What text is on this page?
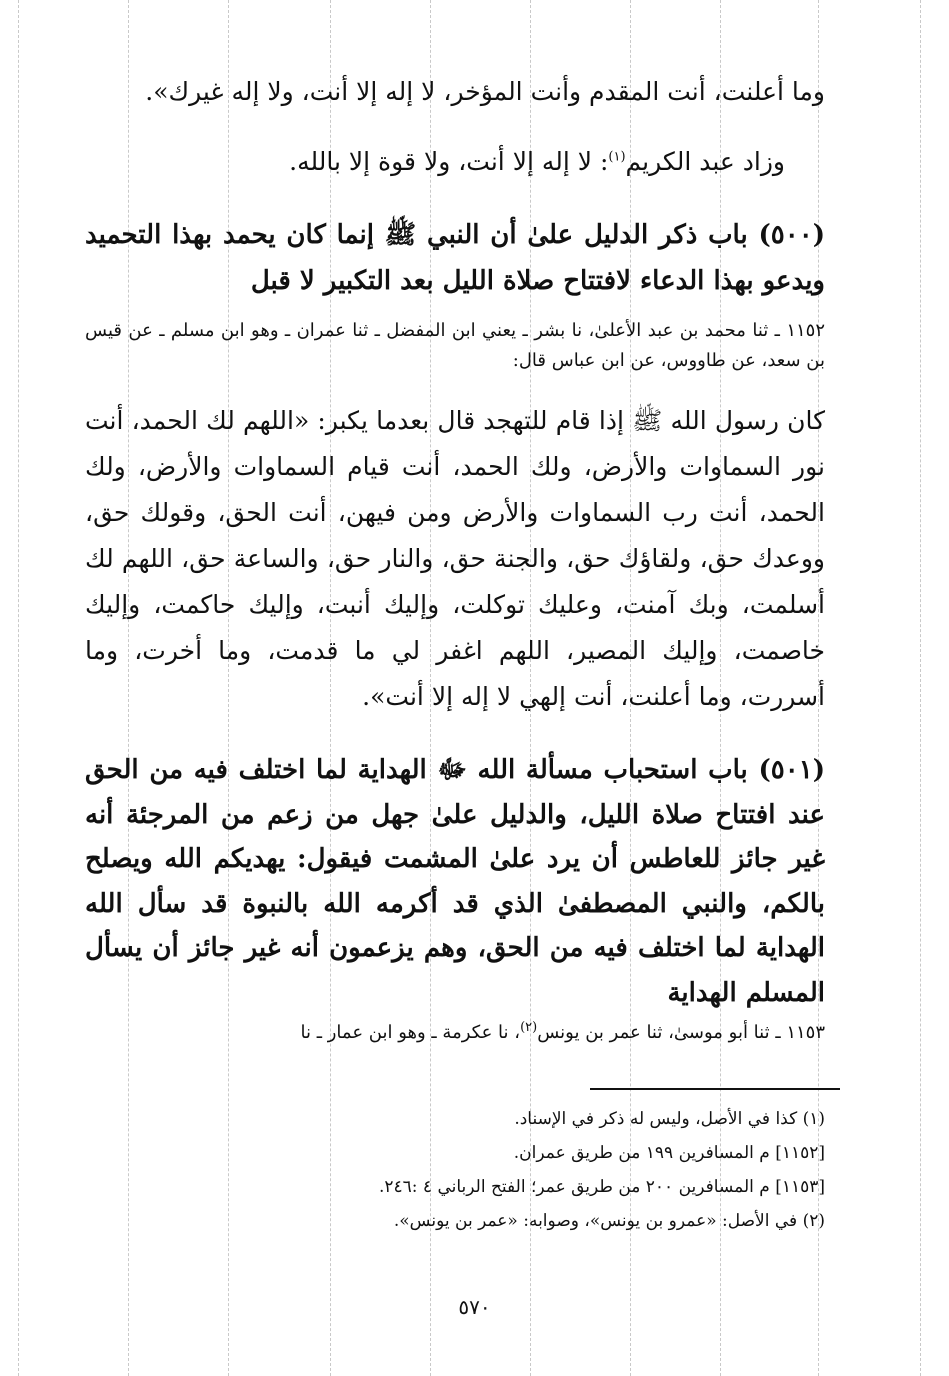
وما أعلنت، أنت المقدم وأنت المؤخر، لا إله إلا أنت، ولا إله غيرك».
وزاد عبد الكريم$^{(١)}$: لا إله إلا أنت، ولا قوة إلا بالله.
(٥٠٠) باب ذكر الدليل علىٰ أن النبي ﷺ إنما كان يحمد بهذا التحميد ويدعو بهذا الدعاء لافتتاح صلاة الليل بعد التكبير لا قبل
١١٥٢ ـ ثنا محمد بن عبد الأعلىٰ، نا بشر ـ يعني ابن المفضل ـ ثنا عمران ـ وهو ابن مسلم ـ عن قيس بن سعد، عن طاووس، عن ابن عباس قال:
كان رسول الله ﷺ إذا قام للتهجد قال بعدما يكبر: «اللهم لك الحمد، أنت نور السماوات والأرض، ولك الحمد، أنت قيام السماوات والأرض، ولك الحمد، أنت رب السماوات والأرض ومن فيهن، أنت الحق، وقولك حق، ووعدك حق، ولقاؤك حق، والجنة حق، والنار حق، والساعة حق، اللهم لك أسلمت، وبك آمنت، وعليك توكلت، وإليك أنبت، وإليك حاكمت، وإليك خاصمت، وإليك المصير، اللهم اغفر لي ما قدمت، وما أخرت، وما أسررت، وما أعلنت، أنت إلهي لا إله إلا أنت».
(٥٠١) باب استحباب مسألة الله ﷻ الهداية لما اختلف فيه من الحق عند افتتاح صلاة الليل، والدليل علىٰ جهل من زعم من المرجئة أنه غير جائز للعاطس أن يرد علىٰ المشمت فيقول: يهديكم الله ويصلح بالكم، والنبي المصطفىٰ الذي قد أكرمه الله بالنبوة قد سأل الله الهداية لما اختلف فيه من الحق، وهم يزعمون أنه غير جائز أن يسأل المسلم الهداية
١١٥٣ ـ ثنا أبو موسىٰ، ثنا عمر بن يونس$^{(٢)}$، نا عكرمة ـ وهو ابن عمار ـ نا
(١) كذا في الأصل، وليس له ذكر في الإسناد.
[١١٥٢] م المسافرين ١٩٩ من طريق عمران.
[١١٥٣] م المسافرين ٢٠٠ من طريق عمر؛ الفتح الرباني ٤ :٢٤٦.
(٢) في الأصل: «عمرو بن يونس»، وصوابه: «عمر بن يونس».
٥٧٠
